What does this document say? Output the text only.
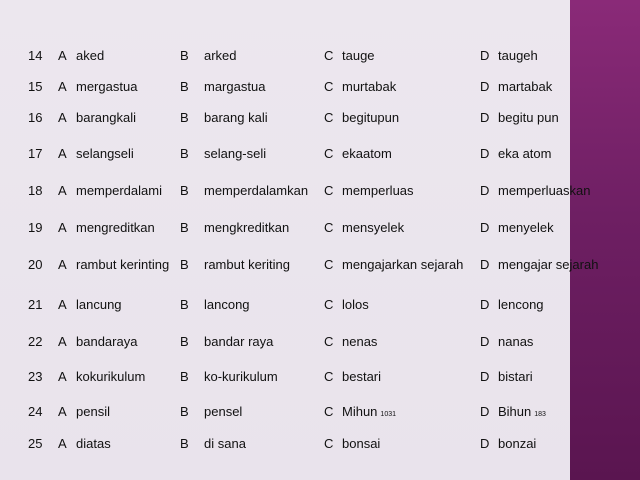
14 A aked	B arked	C tauge	D taugeh
15 A mergastua	B margastua	C murtabak	D martabak
16 A barangkali	B barang kali	C begitupun	D begitu pun
17 A selangseli	B selang-seli	C ekaatom	D eka atom
18 A memperdalami B memperdalamkan C memperluas	D memperluaskan
19 A mengreditkan B mengkreditkan	C mensyelek	D menyelek
20 A rambut kerinting B rambut keriting	C mengajarkan sejarah D mengajar sejarah
21 A lancung	B lancong	C lolos	D lencong
22 A bandaraya	B bandar raya	C nenas	D nanas
23 A kokurikulum	B ko-kurikulum	C bestari	D bistari
24 A pensil	B pensel	C Mihun 1031	D Bihun 183
25 A diatas	B di sana	C bonsai	D bonzai
